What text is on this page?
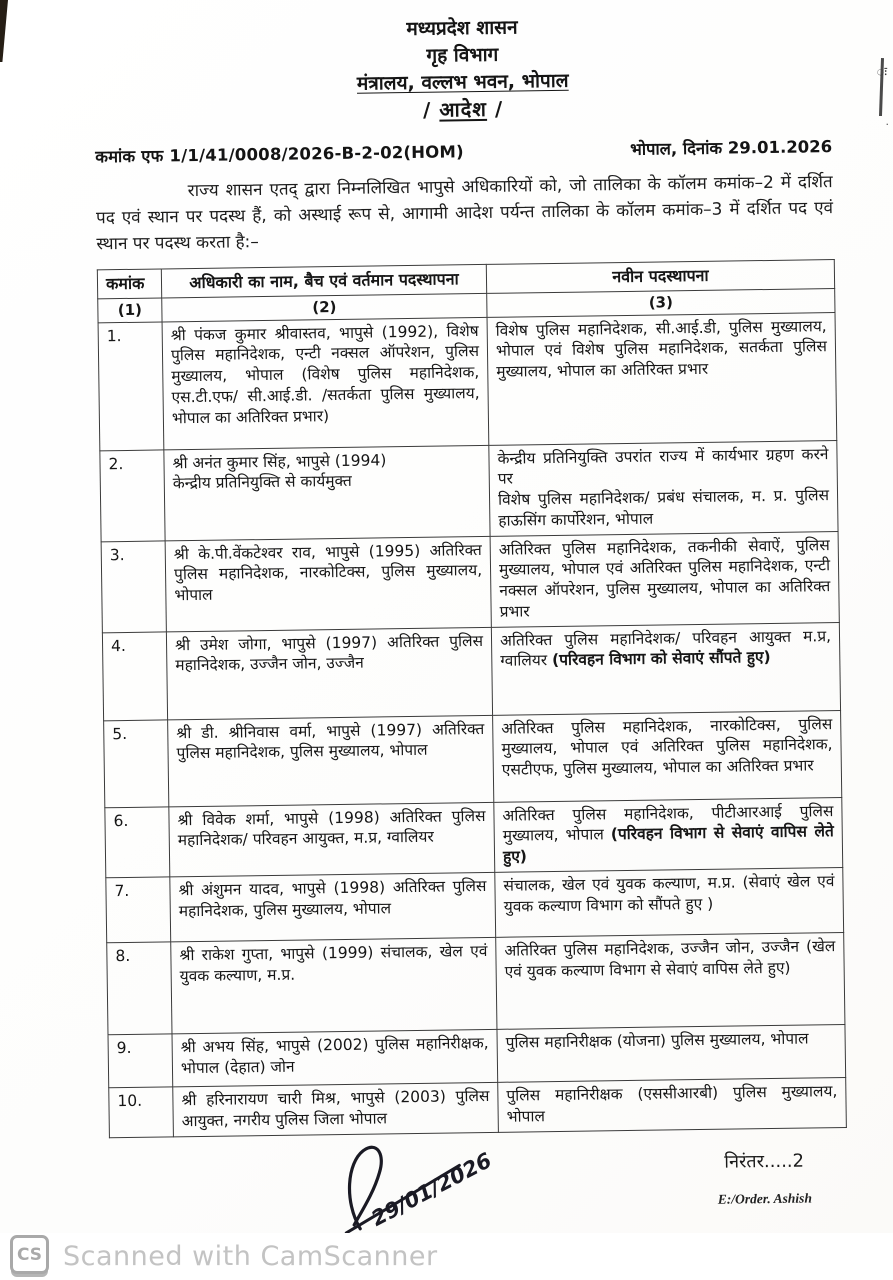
ः
·
मध्यप्रदेश शासन
गृह विभाग
मंत्रालय, वल्लभ भवन, भोपाल
/ आदेश /
कमांक एफ 1/1/41/0008/2026-B-2-02(HOM)	भोपाल, दिनांक 29.01.2026
राज्य शासन एतद् द्वारा निम्नलिखित भापुसे अधिकारियों को, जो तालिका के कॉलम कमांक–2 में दर्शित पद एवं स्थान पर पदस्थ हैं, को अस्थाई रूप से, आगामी आदेश पर्यन्त तालिका के कॉलम कमांक–3 में दर्शित पद एवं स्थान पर पदस्थ करता है:–
कमांक	अधिकारी का नाम, बैच एवं वर्तमान पदस्थापना	नवीन पदस्थापना
(1)	(2)	(3)
1.	श्री पंकज कुमार श्रीवास्तव, भापुसे (1992), विशेष पुलिस महानिदेशक, एन्टी नक्सल ऑपरेशन, पुलिस मुख्यालय, भोपाल (विशेष पुलिस महानिदेशक, एस.टी.एफ/ सी.आई.डी. /सतर्कता पुलिस मुख्यालय, भोपाल का अतिरिक्त प्रभार)	विशेष पुलिस महानिदेशक, सी.आई.डी, पुलिस मुख्यालय, भोपाल एवं विशेष पुलिस महानिदेशक, सतर्कता पुलिस मुख्यालय, भोपाल का अतिरिक्त प्रभार
2.	श्री अनंत कुमार सिंह, भापुसे (1994)
केन्द्रीय प्रतिनियुक्ति से कार्यमुक्त	केन्द्रीय प्रतिनियुक्ति उपरांत राज्य में कार्यभार ग्रहण करने पर
विशेष पुलिस महानिदेशक/ प्रबंध संचालक, म. प्र. पुलिस हाऊसिंग कार्पोरेशन, भोपाल
3.	श्री के.पी.वेंकटेश्वर राव, भापुसे (1995) अतिरिक्त पुलिस महानिदेशक, नारकोटिक्स, पुलिस मुख्यालय, भोपाल	अतिरिक्त पुलिस महानिदेशक, तकनीकी सेवाऐं, पुलिस मुख्यालय, भोपाल एवं अतिरिक्त पुलिस महानिदेशक, एन्टी नक्सल ऑपरेशन, पुलिस मुख्यालय, भोपाल का अतिरिक्त प्रभार
4.	श्री उमेश जोगा, भापुसे (1997) अतिरिक्त पुलिस महानिदेशक, उज्जैन जोन, उज्जैन	अतिरिक्त पुलिस महानिदेशक/ परिवहन आयुक्त म.प्र, ग्वालियर (परिवहन विभाग को सेवाएं सौंपते हुए)
5.	श्री डी. श्रीनिवास वर्मा, भापुसे (1997) अतिरिक्त पुलिस महानिदेशक, पुलिस मुख्यालय, भोपाल	अतिरिक्त पुलिस महानिदेशक, नारकोटिक्स, पुलिस मुख्यालय, भोपाल एवं अतिरिक्त पुलिस महानिदेशक, एसटीएफ, पुलिस मुख्यालय, भोपाल का अतिरिक्त प्रभार
6.	श्री विवेक शर्मा, भापुसे (1998) अतिरिक्त पुलिस महानिदेशक/ परिवहन आयुक्त, म.प्र, ग्वालियर	अतिरिक्त पुलिस महानिदेशक, पीटीआरआई पुलिस मुख्यालय, भोपाल (परिवहन विभाग से सेवाएं वापिस लेते हुए)
7.	श्री अंशुमन यादव, भापुसे (1998) अतिरिक्त पुलिस महानिदेशक, पुलिस मुख्यालय, भोपाल	संचालक, खेल एवं युवक कल्याण, म.प्र. (सेवाएं खेल एवं युवक कल्याण विभाग को सौंपते हुए )
8.	श्री राकेश गुप्ता, भापुसे (1999) संचालक, खेल एवं युवक कल्याण, म.प्र.	अतिरिक्त पुलिस महानिदेशक, उज्जैन जोन, उज्जैन (खेल एवं युवक कल्याण विभाग से सेवाएं वापिस लेते हुए)
9.	श्री अभय सिंह, भापुसे (2002) पुलिस महानिरीक्षक, भोपाल (देहात) जोन	पुलिस महानिरीक्षक (योजना) पुलिस मुख्यालय, भोपाल
10.	श्री हरिनारायण चारी मिश्र, भापुसे (2003) पुलिस आयुक्त, नगरीय पुलिस जिला भोपाल	पुलिस महानिरीक्षक (एससीआरबी) पुलिस मुख्यालय, भोपाल
29/01/2026	निरंतर.....2
E:/Order. Ashish
CS Scanned with CamScanner
